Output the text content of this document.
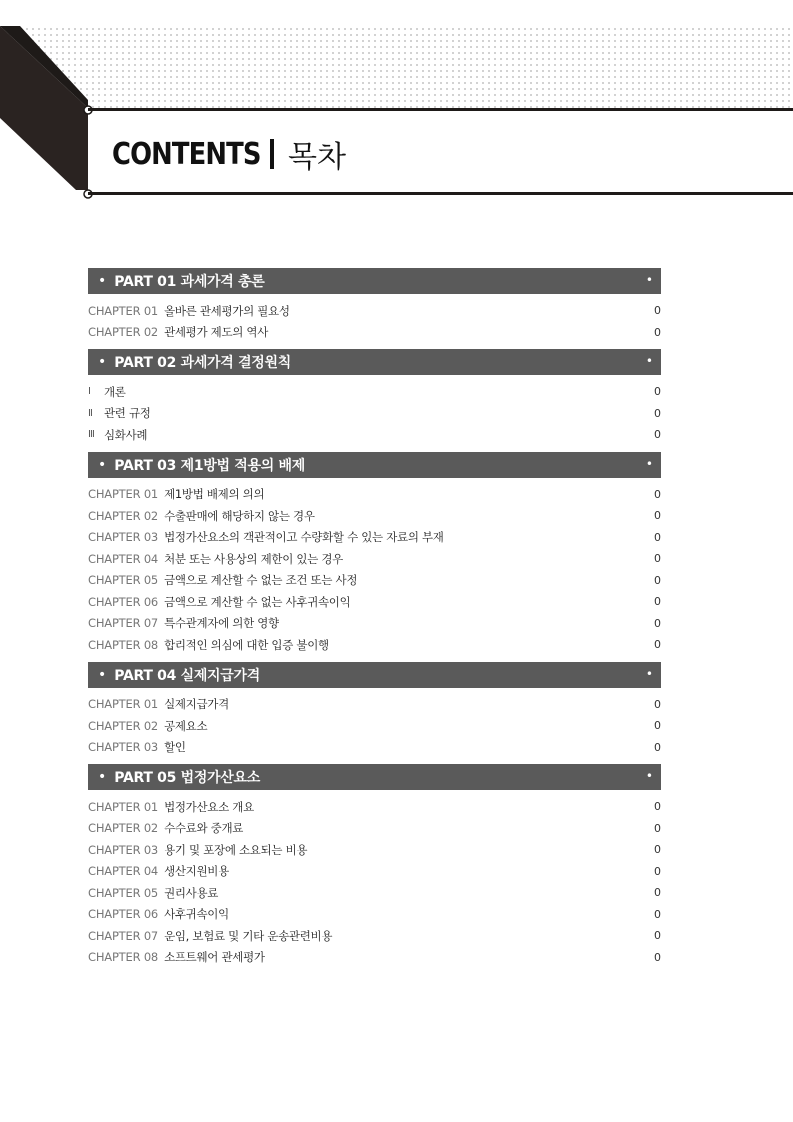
CONTENTS 목차
• PART 01 과세가격 총론	•
CHAPTER 01 올바른 관세평가의 필요성	0
CHAPTER 02 관세평가 제도의 역사	0
• PART 02 과세가격 결정원칙	•
Ⅰ	개론	0
Ⅱ 관련 규정	0
Ⅲ 심화사례	0
• PART 03 제1방법 적용의 배제	•
CHAPTER 01 제1방법 배제의 의의	0
CHAPTER 02 수출판매에 해당하지 않는 경우	0
CHAPTER 03 법정가산요소의 객관적이고 수량화할 수 있는 자료의 부재	0
CHAPTER 04 처분 또는 사용상의 제한이 있는 경우	0
CHAPTER 05 금액으로 계산할 수 없는 조건 또는 사정	0
CHAPTER 06 금액으로 계산할 수 없는 사후귀속이익	0
CHAPTER 07 특수관계자에 의한 영향	0
CHAPTER 08 합리적인 의심에 대한 입증 불이행	0
• PART 04 실제지급가격	•
CHAPTER 01 실제지급가격	0
CHAPTER 02 공제요소	0
CHAPTER 03 할인	0
• PART 05 법정가산요소	•
CHAPTER 01 법정가산요소 개요	0
CHAPTER 02 수수료와 중개료	0
CHAPTER 03 용기 및 포장에 소요되는 비용	0
CHAPTER 04 생산지원비용	0
CHAPTER 05 권리사용료	0
CHAPTER 06 사후귀속이익	0
CHAPTER 07 운임, 보험료 및 기타 운송관련비용	0
CHAPTER 08 소프트웨어 관세평가	0
